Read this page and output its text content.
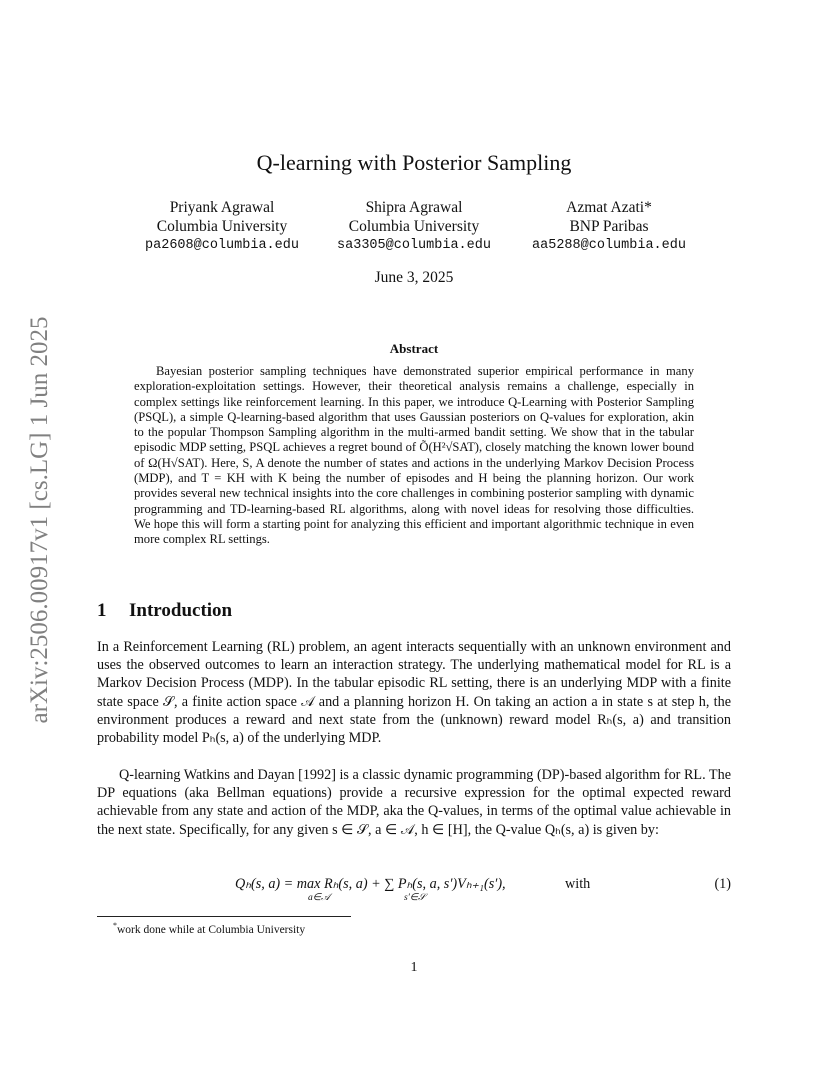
arXiv:2506.00917v1 [cs.LG] 1 Jun 2025
Q-learning with Posterior Sampling
Priyank Agrawal
Columbia University
pa2608@columbia.edu
Shipra Agrawal
Columbia University
sa3305@columbia.edu
Azmat Azati*
BNP Paribas
aa5288@columbia.edu
June 3, 2025
Abstract
Bayesian posterior sampling techniques have demonstrated superior empirical performance in many exploration-exploitation settings. However, their theoretical analysis remains a challenge, especially in complex settings like reinforcement learning. In this paper, we introduce Q-Learning with Posterior Sampling (PSQL), a simple Q-learning-based algorithm that uses Gaussian posteriors on Q-values for exploration, akin to the popular Thompson Sampling algorithm in the multi-armed bandit setting. We show that in the tabular episodic MDP setting, PSQL achieves a regret bound of Õ(H²√SAT), closely matching the known lower bound of Ω(H√SAT). Here, S, A denote the number of states and actions in the underlying Markov Decision Process (MDP), and T = KH with K being the number of episodes and H being the planning horizon. Our work provides several new technical insights into the core challenges in combining posterior sampling with dynamic programming and TD-learning-based RL algorithms, along with novel ideas for resolving those difficulties. We hope this will form a starting point for analyzing this efficient and important algorithmic technique in even more complex RL settings.
1 Introduction
In a Reinforcement Learning (RL) problem, an agent interacts sequentially with an unknown environment and uses the observed outcomes to learn an interaction strategy. The underlying mathematical model for RL is a Markov Decision Process (MDP). In the tabular episodic RL setting, there is an underlying MDP with a finite state space 𝒮, a finite action space 𝒜 and a planning horizon H. On taking an action a in state s at step h, the environment produces a reward and next state from the (unknown) reward model Rₕ(s, a) and transition probability model Pₕ(s, a) of the underlying MDP.
Q-learning Watkins and Dayan [1992] is a classic dynamic programming (DP)-based algorithm for RL. The DP equations (aka Bellman equations) provide a recursive expression for the optimal expected reward achievable from any state and action of the MDP, aka the Q-values, in terms of the optimal value achievable in the next state. Specifically, for any given s ∈ 𝒮, a ∈ 𝒜, h ∈ [H], the Q-value Qₕ(s, a) is given by:
Qₕ(s, a) = max Rₕ(s, a) + ∑ Pₕ(s, a, s′)Vₕ₊₁(s′),
a∈𝒜	s′∈𝒮
with	(1)
*work done while at Columbia University
1
